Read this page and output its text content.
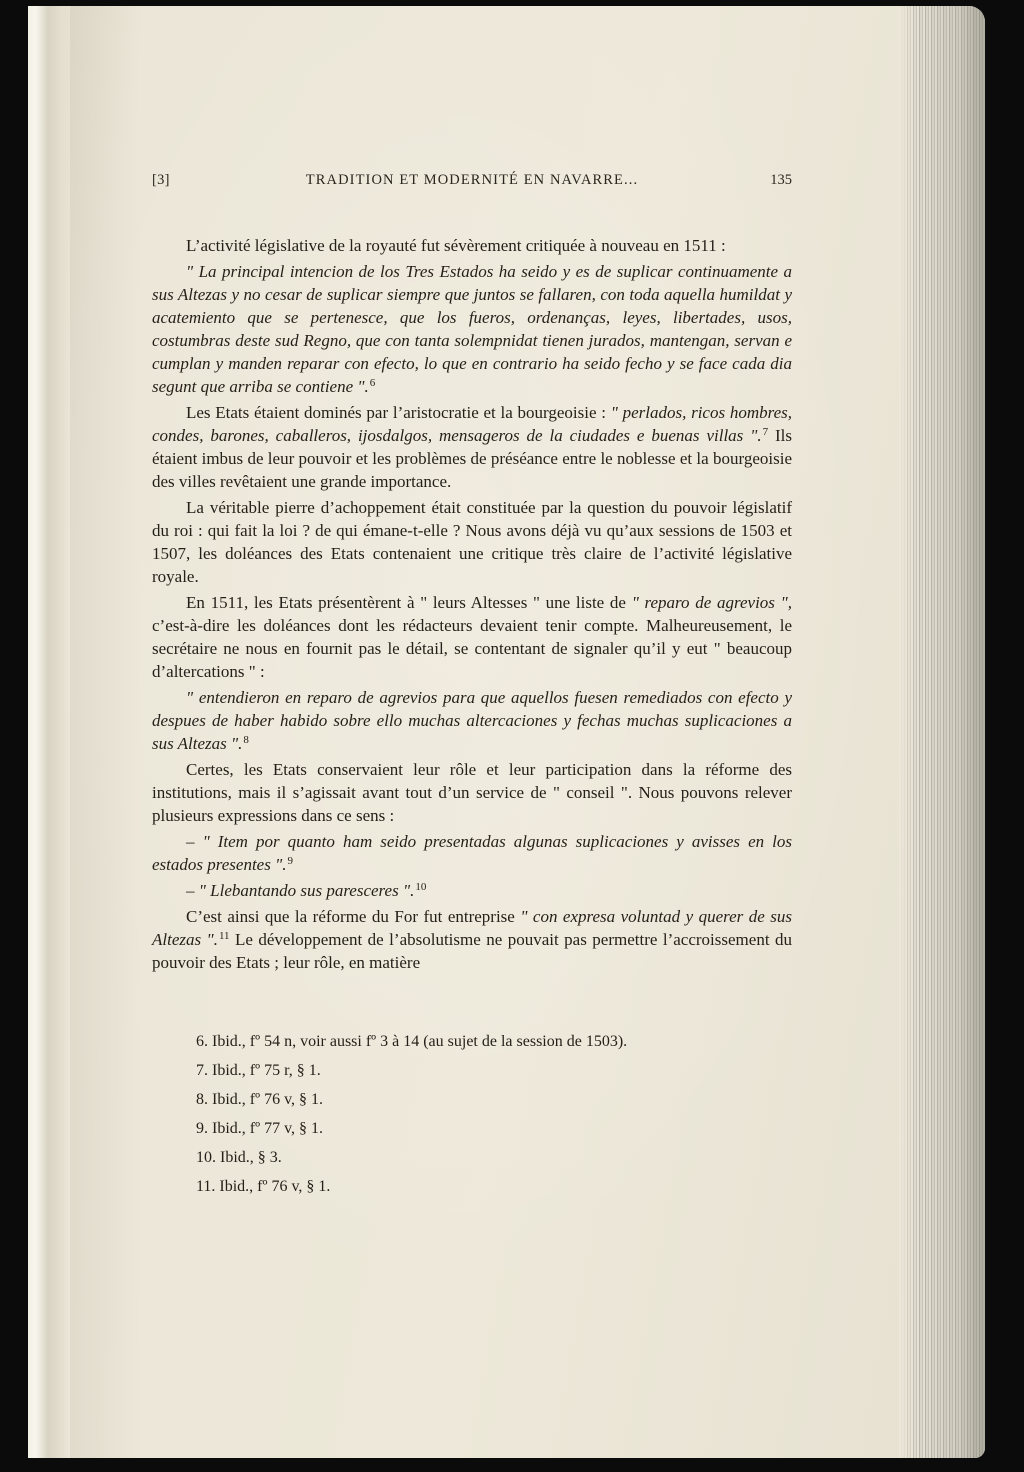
[3]	TRADITION ET MODERNITÉ EN NAVARRE...	135

L’activité législative de la royauté fut sévèrement critiquée à nouveau en 1511 :

" La principal intencion de los Tres Estados ha seido y es de suplicar continuamente a sus Altezas y no cesar de suplicar siempre que juntos se fallaren, con toda aquella humildat y acatemiento que se pertenesce, que los fueros, ordenanças, leyes, libertades, usos, costumbras deste sud Regno, que con tanta solempnidat tienen jurados, mantengan, servan e cumplan y manden reparar con efecto, lo que en contrario ha seido fecho y se face cada dia segunt que arriba se contiene ".$^6$

Les Etats étaient dominés par l’aristocratie et la bourgeoisie : " perlados, ricos hombres, condes, barones, caballeros, ijosdalgos, mensageros de la ciudades e buenas villas ".$^7$ Ils étaient imbus de leur pouvoir et les problèmes de préséance entre le noblesse et la bourgeoisie des villes revêtaient une grande importance.

La véritable pierre d’achoppement était constituée par la question du pouvoir législatif du roi : qui fait la loi ? de qui émane-t-elle ? Nous avons déjà vu qu’aux sessions de 1503 et 1507, les doléances des Etats contenaient une critique très claire de l’activité législative royale.

En 1511, les Etats présentèrent à " leurs Altesses " une liste de " reparo de agrevios ", c’est-à-dire les doléances dont les rédacteurs devaient tenir compte. Malheureusement, le secrétaire ne nous en fournit pas le détail, se contentant de signaler qu’il y eut " beaucoup d’altercations " :

" entendieron en reparo de agrevios para que aquellos fuesen remediados con efecto y despues de haber habido sobre ello muchas altercaciones y fechas muchas suplicaciones a sus Altezas ".$^8$

Certes, les Etats conservaient leur rôle et leur participation dans la réforme des institutions, mais il s’agissait avant tout d’un service de " conseil ". Nous pouvons relever plusieurs expressions dans ce sens :

– " Item por quanto ham seido presentadas algunas suplicaciones y avisses en los estados presentes ".$^9$

– " Llebantando sus paresceres ".$^{10}$

C’est ainsi que la réforme du For fut entreprise " con expresa voluntad y querer de sus Altezas ".$^{11}$ Le développement de l’absolutisme ne pouvait pas permettre l’accroissement du pouvoir des Etats ; leur rôle, en matière

6. Ibid., fº 54 n, voir aussi fº 3 à 14 (au sujet de la session de 1503).

7. Ibid., fº 75 r, § 1.

8. Ibid., fº 76 v, § 1.

9. Ibid., fº 77 v, § 1.

10. Ibid., § 3.

11. Ibid., fº 76 v, § 1.
